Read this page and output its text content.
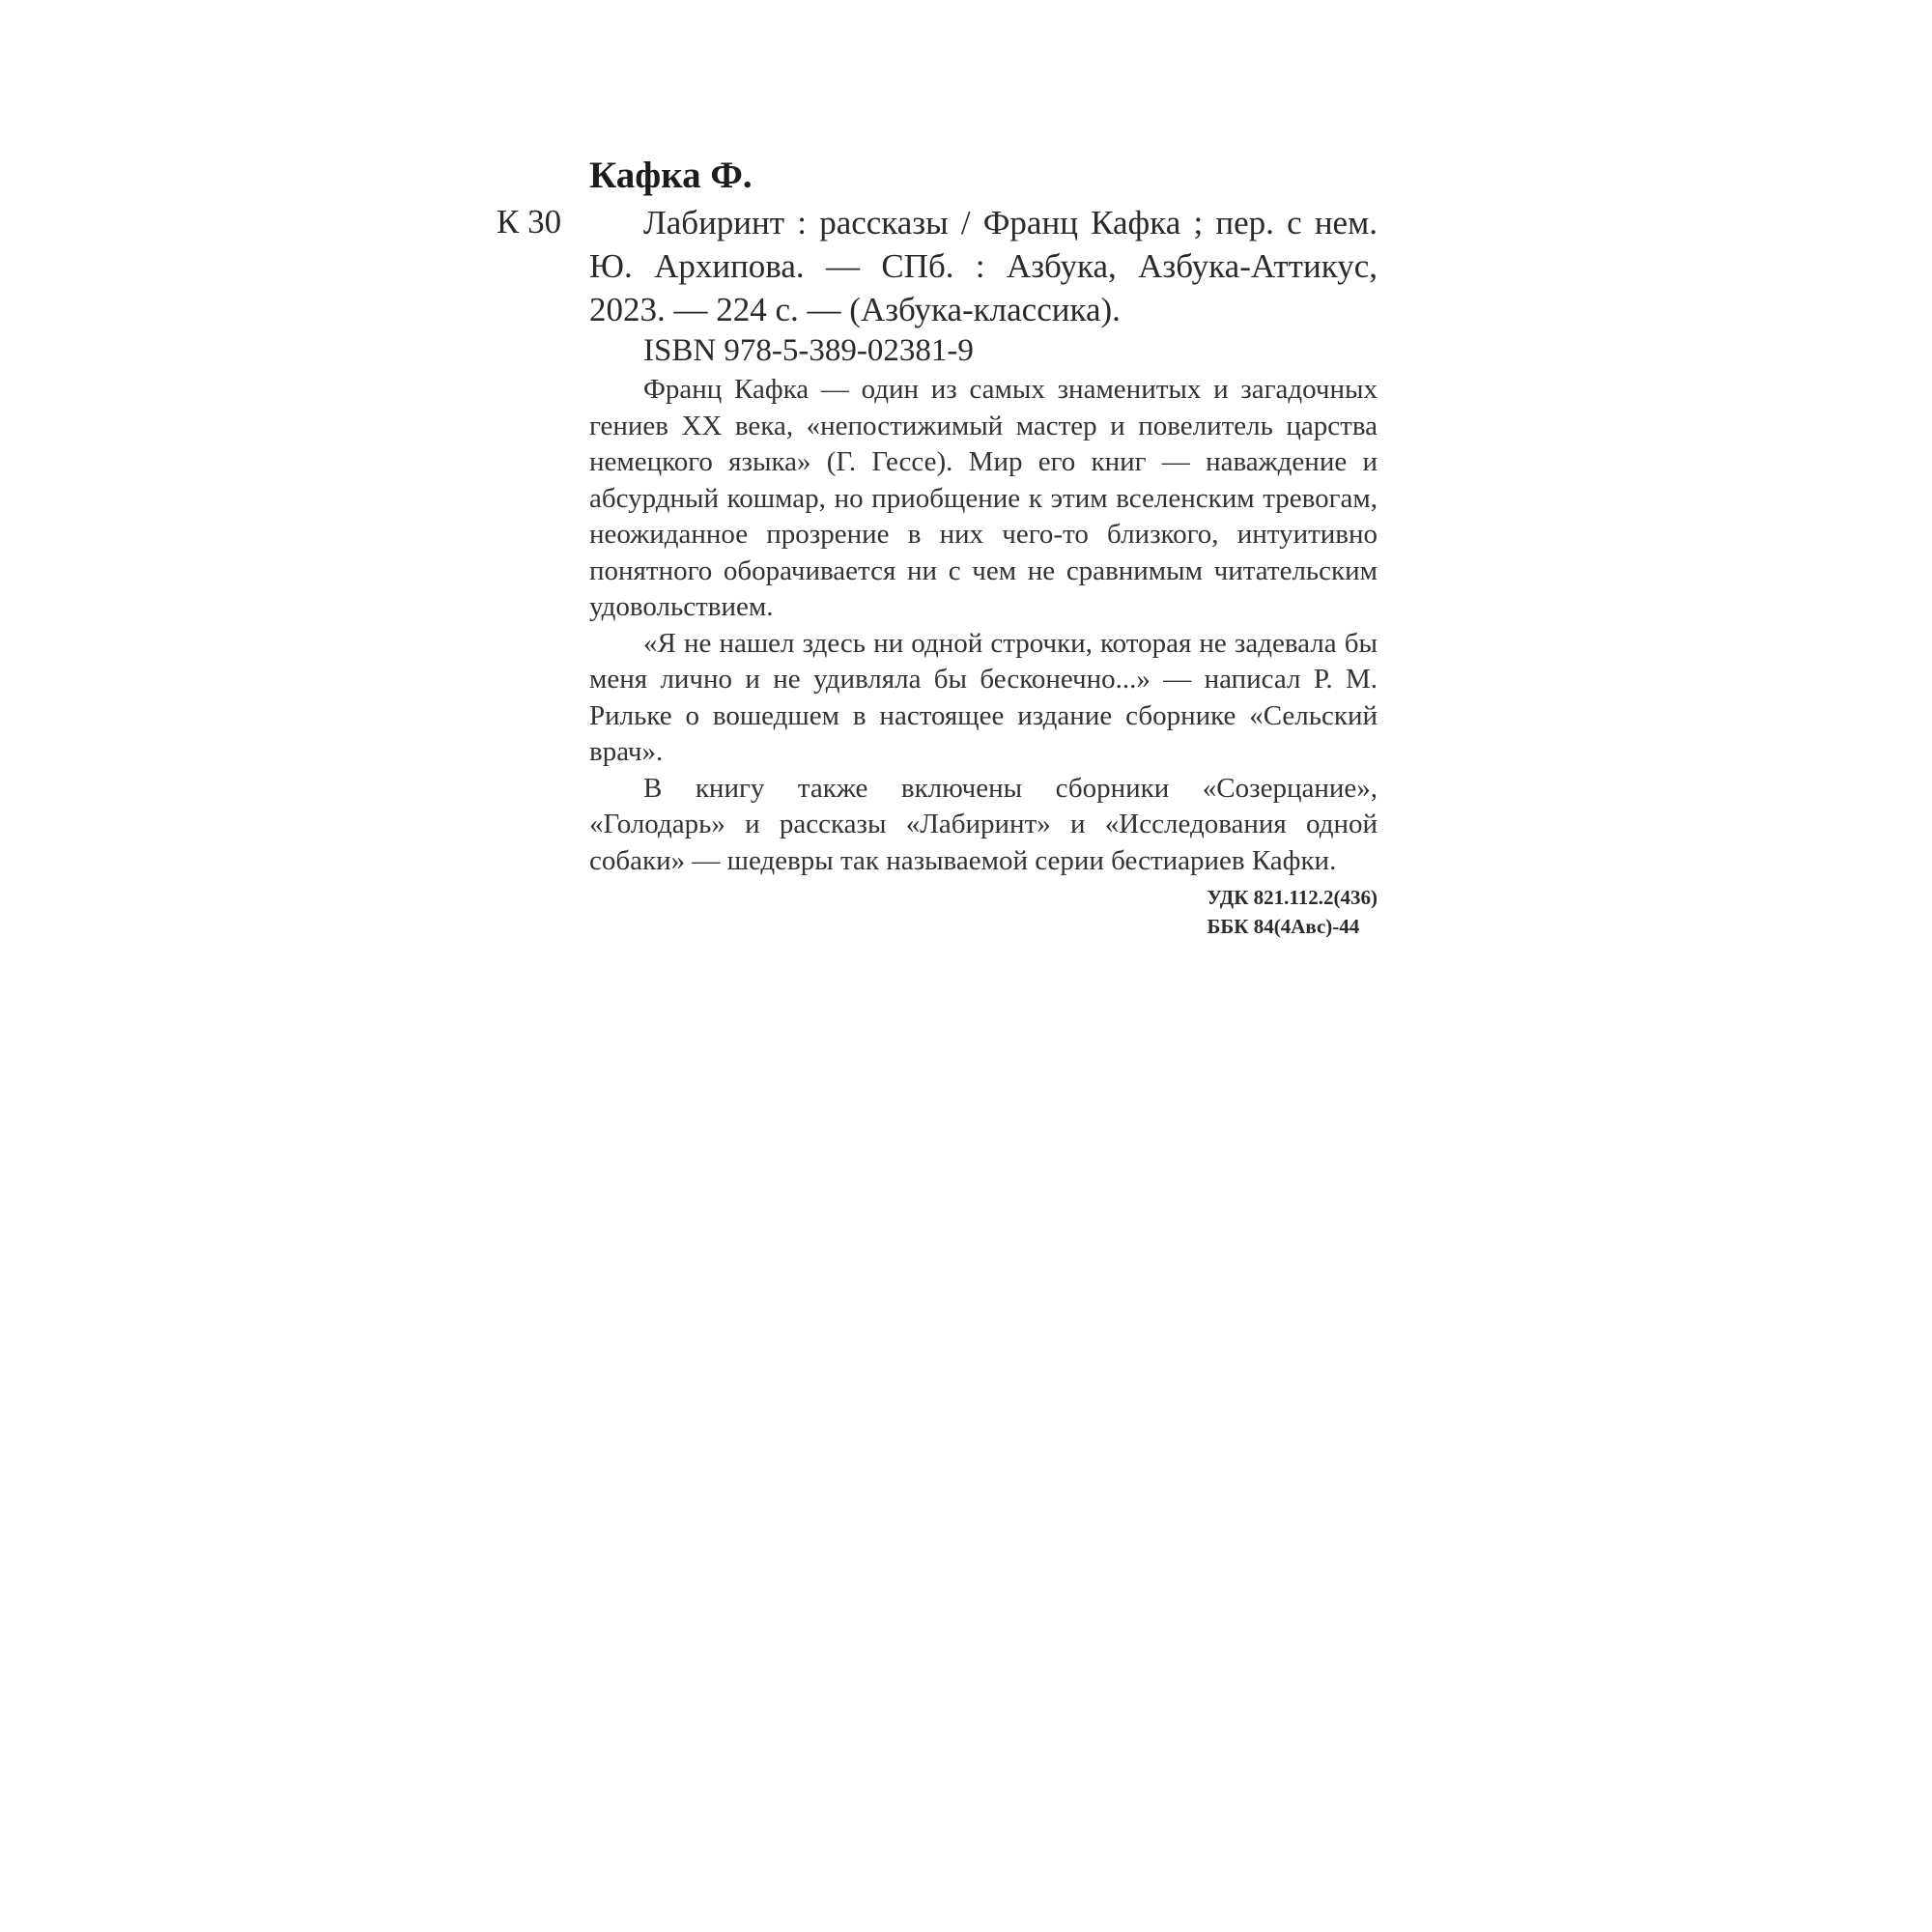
Кафка Ф.
К 30	Лабиринт : рассказы / Франц Кафка ; пер. с нем. Ю. Архипова. — СПб. : Азбука, Азбука-Аттикус, 2023. — 224 с. — (Азбука-классика).

ISBN 978-5-389-02381-9

Франц Кафка — один из самых знаменитых и загадочных гениев XX века, «непостижимый мастер и повелитель царства немецкого языка» (Г. Гессе). Мир его книг — наваждение и абсурдный кошмар, но приобщение к этим вселенским тревогам, неожиданное прозрение в них чего-то близкого, интуитивно понятного оборачивается ни с чем не сравнимым читательским удовольствием.

«Я не нашел здесь ни одной строчки, которая не задевала бы меня лично и не удивляла бы бесконечно...» — написал Р. М. Рильке о вошедшем в настоящее издание сборнике «Сельский врач».

В книгу также включены сборники «Созерцание», «Голодарь» и рассказы «Лабиринт» и «Исследования одной собаки» — шедевры так называемой серии бестиариев Кафки.

УДК 821.112.2(436)
ББК 84(4Авс)-44
